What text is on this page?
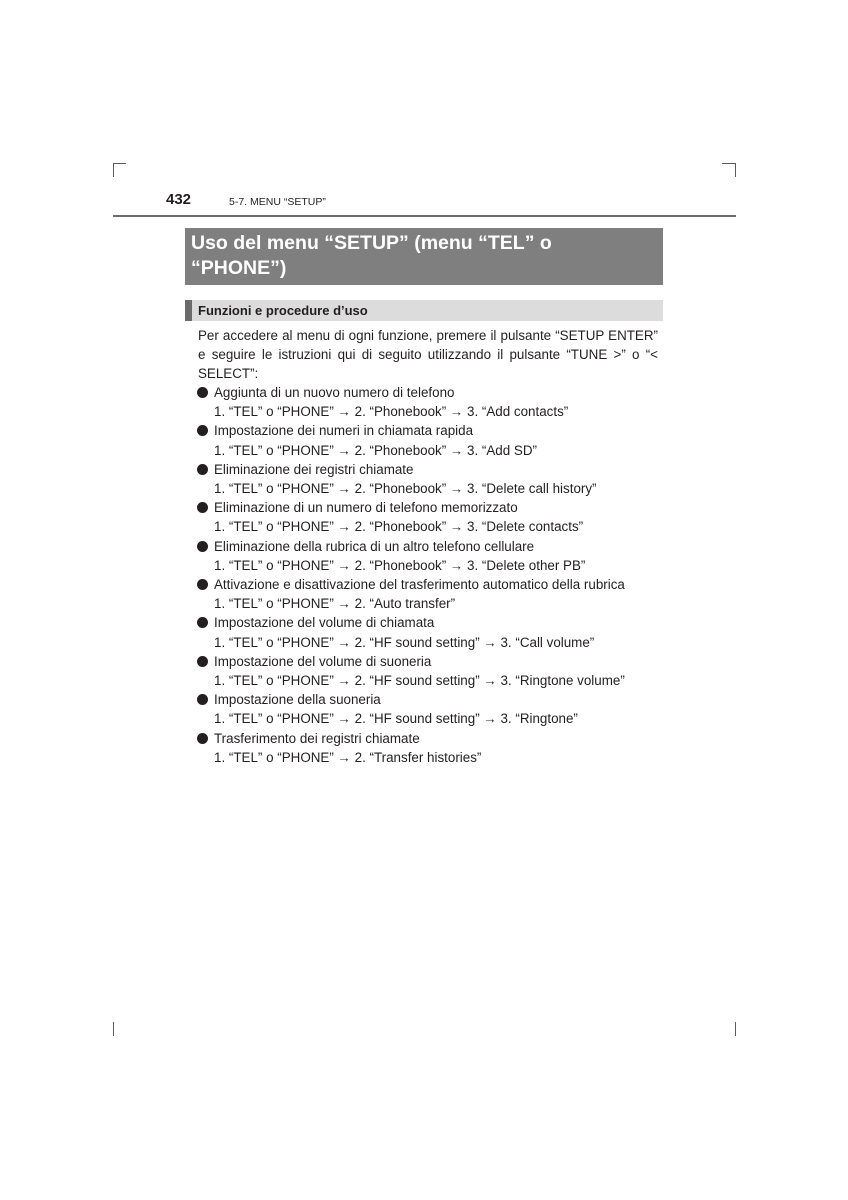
432	5-7. MENU “SETUP”
Uso del menu “SETUP” (menu “TEL” o
“PHONE”)
Funzioni e procedure d’uso
Per accedere al menu di ogni funzione, premere il pulsante “SETUP ENTER” e seguire le istruzioni qui di seguito utilizzando il pulsante “TUNE >” o “< SELECT”:
Aggiunta di un nuovo numero di telefono
1. “TEL” o “PHONE” → 2. “Phonebook” → 3. “Add contacts”
Impostazione dei numeri in chiamata rapida
1. “TEL” o “PHONE” → 2. “Phonebook” → 3. “Add SD”
Eliminazione dei registri chiamate
1. “TEL” o “PHONE” → 2. “Phonebook” → 3. “Delete call history”
Eliminazione di un numero di telefono memorizzato
1. “TEL” o “PHONE” → 2. “Phonebook” → 3. “Delete contacts”
Eliminazione della rubrica di un altro telefono cellulare
1. “TEL” o “PHONE” → 2. “Phonebook” → 3. “Delete other PB”
Attivazione e disattivazione del trasferimento automatico della rubrica
1. “TEL” o “PHONE” → 2. “Auto transfer”
Impostazione del volume di chiamata
1. “TEL” o “PHONE” → 2. “HF sound setting” → 3. “Call volume”
Impostazione del volume di suoneria
1. “TEL” o “PHONE” → 2. “HF sound setting” → 3. “Ringtone volume”
Impostazione della suoneria
1. “TEL” o “PHONE” → 2. “HF sound setting” → 3. “Ringtone”
Trasferimento dei registri chiamate
1. “TEL” o “PHONE” → 2. “Transfer histories”
